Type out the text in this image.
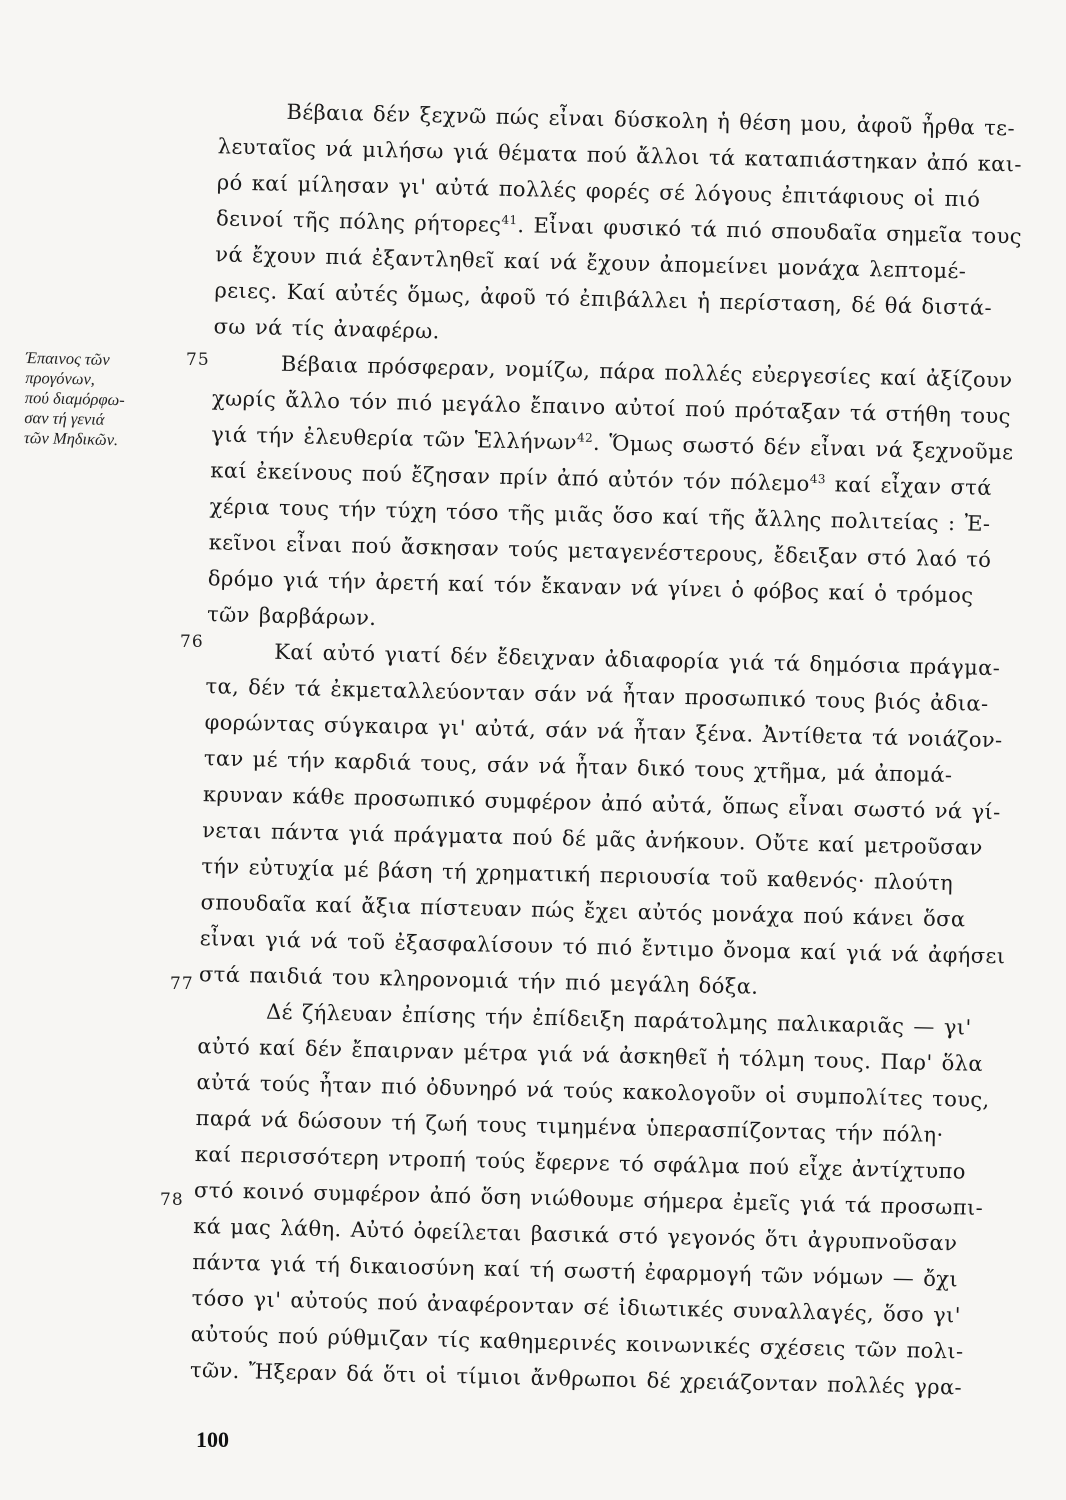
Έπαινος τῶν
προγόνων,
πού διαμόρφω-
σαν τή γενιά
τῶν Μηδικῶν.
75
76
77
78
Βέβαια δέν ξεχνῶ πώς εἶναι δύσκολη ἡ θέση μου, ἀφοῦ ἦρθα τε-
λευταῖος νά μιλήσω γιά θέματα πού ἄλλοι τά καταπιάστηκαν ἀπό και-
ρό καί μίλησαν γι' αὐτά πολλές φορές σέ λόγους ἐπιτάφιους οἱ πιό
δεινοί τῆς πόλης ρήτορες$^{41}$. Εἶναι φυσικό τά πιό σπουδαῖα σημεῖα τους
νά ἔχουν πιά ἐξαντληθεῖ καί νά ἔχουν ἀπομείνει μονάχα λεπτομέ-
ρειες. Καί αὐτές ὅμως, ἀφοῦ τό ἐπιβάλλει ἡ περίσταση, δέ θά διστά-
σω νά τίς ἀναφέρω.
Βέβαια πρόσφεραν, νομίζω, πάρα πολλές εὐεργεσίες καί ἀξίζουν
χωρίς ἄλλο τόν πιό μεγάλο ἔπαινο αὐτοί πού πρόταξαν τά στήθη τους
γιά τήν ἐλευθερία τῶν Ἑλλήνων$^{42}$. Ὅμως σωστό δέν εἶναι νά ξεχνοῦμε
καί ἐκείνους πού ἔζησαν πρίν ἀπό αὐτόν τόν πόλεμο$^{43}$ καί εἶχαν στά
χέρια τους τήν τύχη τόσο τῆς μιᾶς ὅσο καί τῆς ἄλλης πολιτείας : Ἐ-
κεῖνοι εἶναι πού ἄσκησαν τούς μεταγενέστερους, ἔδειξαν στό λαό τό
δρόμο γιά τήν ἀρετή καί τόν ἔκαναν νά γίνει ὁ φόβος καί ὁ τρόμος
τῶν βαρβάρων.
Καί αὐτό γιατί δέν ἔδειχναν ἀδιαφορία γιά τά δημόσια πράγμα-
τα, δέν τά ἐκμεταλλεύονταν σάν νά ἦταν προσωπικό τους βιός ἀδια-
φορώντας σύγκαιρα γι' αὐτά, σάν νά ἦταν ξένα. Ἀντίθετα τά νοιάζον-
ταν μέ τήν καρδιά τους, σάν νά ἦταν δικό τους χτῆμα, μά ἀπομά-
κρυναν κάθε προσωπικό συμφέρον ἀπό αὐτά, ὅπως εἶναι σωστό νά γί-
νεται πάντα γιά πράγματα πού δέ μᾶς ἀνήκουν. Οὔτε καί μετροῦσαν
τήν εὐτυχία μέ βάση τή χρηματική περιουσία τοῦ καθενός· πλούτη
σπουδαῖα καί ἄξια πίστευαν πώς ἔχει αὐτός μονάχα πού κάνει ὅσα
εἶναι γιά νά τοῦ ἐξασφαλίσουν τό πιό ἔντιμο ὄνομα καί γιά νά ἀφήσει
στά παιδιά του κληρονομιά τήν πιό μεγάλη δόξα.
Δέ ζήλευαν ἐπίσης τήν ἐπίδειξη παράτολμης παλικαριᾶς — γι'
αὐτό καί δέν ἔπαιρναν μέτρα γιά νά ἀσκηθεῖ ἡ τόλμη τους. Παρ' ὅλα
αὐτά τούς ἦταν πιό ὀδυνηρό νά τούς κακολογοῦν οἱ συμπολίτες τους,
παρά νά δώσουν τή ζωή τους τιμημένα ὑπερασπίζοντας τήν πόλη·
καί περισσότερη ντροπή τούς ἔφερνε τό σφάλμα πού εἶχε ἀντίχτυπο
στό κοινό συμφέρον ἀπό ὅση νιώθουμε σήμερα ἐμεῖς γιά τά προσωπι-
κά μας λάθη. Αὐτό ὀφείλεται βασικά στό γεγονός ὅτι ἀγρυπνοῦσαν
πάντα γιά τή δικαιοσύνη καί τή σωστή ἐφαρμογή τῶν νόμων — ὄχι
τόσο γι' αὐτούς πού ἀναφέρονταν σέ ἰδιωτικές συναλλαγές, ὅσο γι'
αὐτούς πού ρύθμιζαν τίς καθημερινές κοινωνικές σχέσεις τῶν πολι-
τῶν. Ἤξεραν δά ὅτι οἱ τίμιοι ἄνθρωποι δέ χρειάζονταν πολλές γρα-
100
